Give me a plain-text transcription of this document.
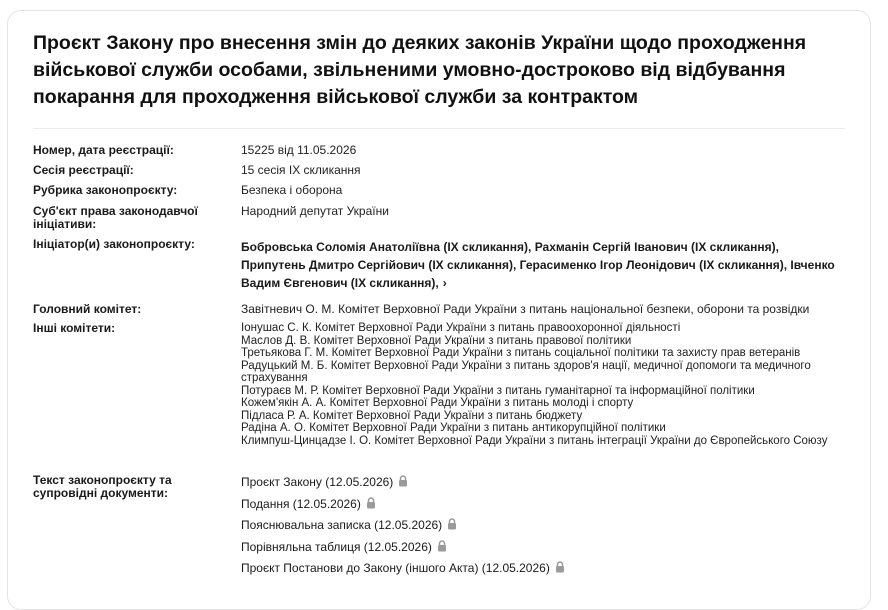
Проєкт Закону про внесення змін до деяких законів України щодо проходження військової служби особами, звільненими умовно-достроково від відбування покарання для проходження військової служби за контрактом
Номер, дата реєстрації:	15225 від 11.05.2026
Сесія реєстрації:	15 сесія IX скликання
Рубрика законопроєкту:	Безпека і оборона
Суб'єкт права законодавчої ініціативи:
Народний депутат України
Ініціатор(и) законопроєкту:	Бобровська Соломія Анатоліївна (IX скликання), Рахманін Сергій Іванович (IX скликання), Припутень Дмитро Сергійович (IX скликання), Герасименко Ігор Леонідович (IX скликання), Івченко Вадим Євгенович (IX скликання), ›
Головний комітет:	Завітневич О. М. Комітет Верховної Ради України з питань національної безпеки, оборони та розвідки
Інші комітети:	Іонушас С. К. Комітет Верховної Ради України з питань правоохоронної діяльності
Маслов Д. В. Комітет Верховної Ради України з питань правової політики
Третьякова Г. М. Комітет Верховної Ради України з питань соціальної політики та захисту прав ветеранів
Радуцький М. Б. Комітет Верховної Ради України з питань здоров'я нації, медичної допомоги та медичного страхування
Потураєв М. Р. Комітет Верховної Ради України з питань гуманітарної та інформаційної політики
Кожем'якін А. А. Комітет Верховної Ради України з питань молоді і спорту
Підласа Р. А. Комітет Верховної Ради України з питань бюджету
Радіна А. О. Комітет Верховної Ради України з питань антикорупційної політики
Климпуш-Цинцадзе І. О. Комітет Верховної Ради України з питань інтеграції України до Європейського Союзу
Текст законопроєкту та супровідні документи:
Проєкт Закону (12.05.2026)
Подання (12.05.2026)
Пояснювальна записка (12.05.2026)
Порівняльна таблиця (12.05.2026)
Проєкт Постанови до Закону (іншого Акта) (12.05.2026)
